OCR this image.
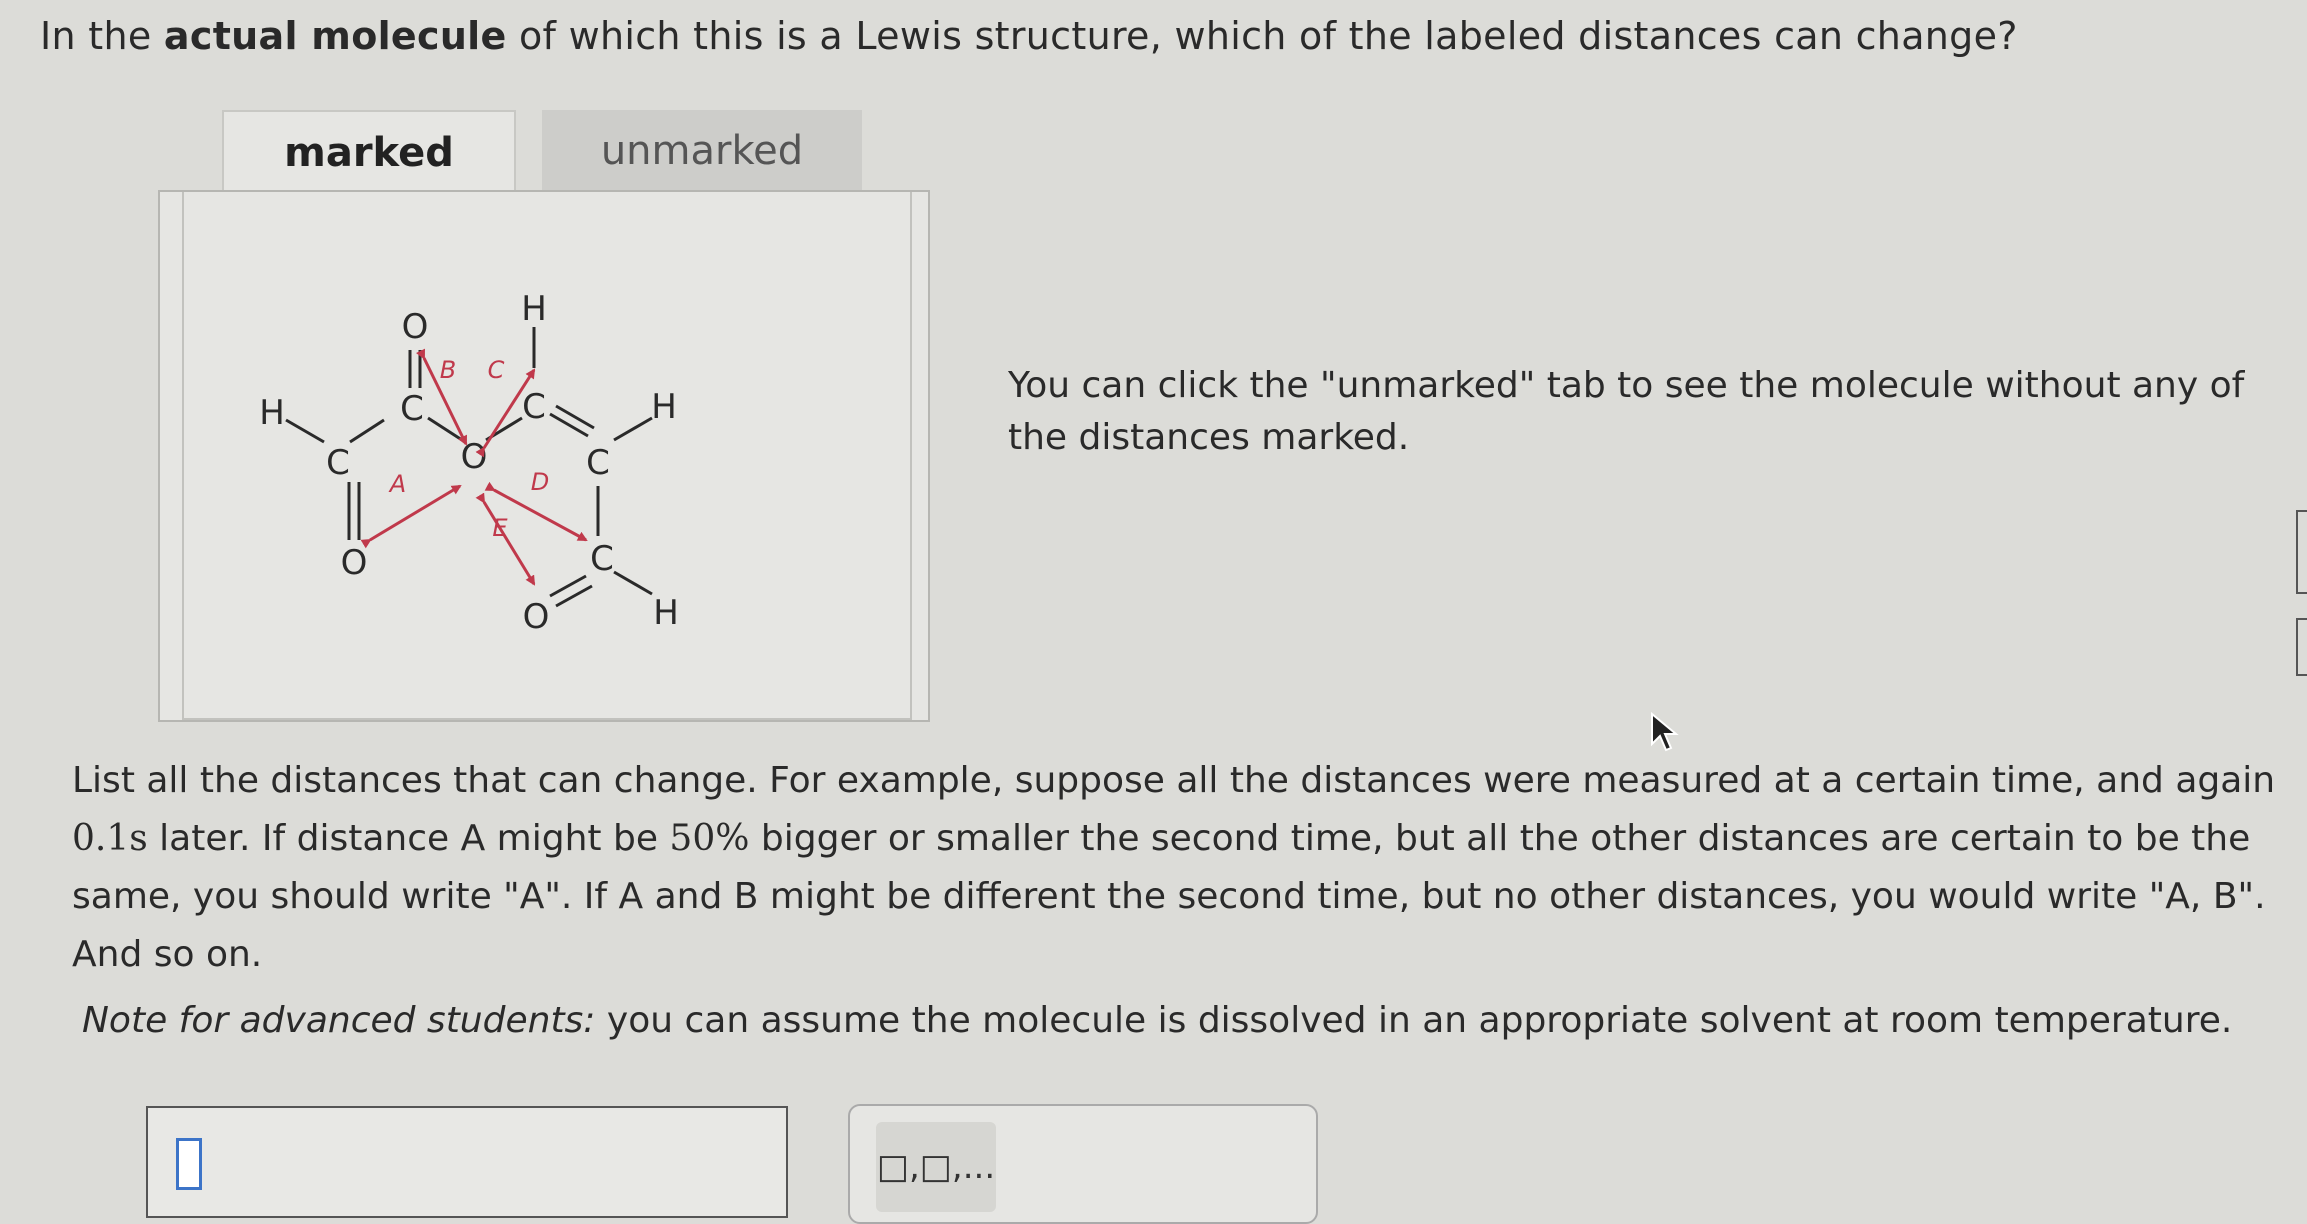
In the actual molecule of which this is a Lewis structure, which of the labeled distances can change?
marked	unmarked
H
C
O
O
C
O
H
C
C
H
C
O	H
A
B C
D
E
You can click the "unmarked" tab to see the molecule without any of the distances marked.
List all the distances that can change. For example, suppose all the distances were measured at a certain time, and again
0.1s later. If distance A might be 50% bigger or smaller the second time, but all the other distances are certain to be the
same, you should write "A". If A and B might be different the second time, but no other distances, you would write "A, B".
And so on.
Note for advanced students: you can assume the molecule is dissolved in an appropriate solvent at room temperature.
□,□,...
